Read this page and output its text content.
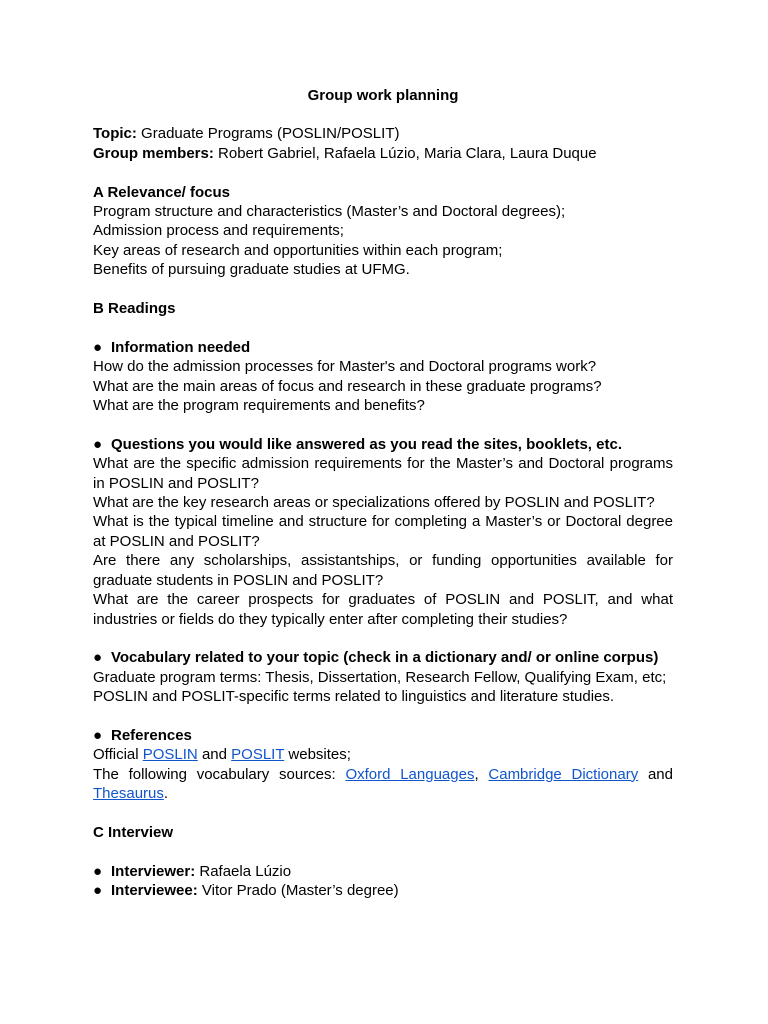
Group work planning

Topic: Graduate Programs (POSLIN/POSLIT)

Group members: Robert Gabriel, Rafaela Lúzio, Maria Clara, Laura Duque

A Relevance/ focus

Program structure and characteristics (Master’s and Doctoral degrees);

Admission process and requirements;

Key areas of research and opportunities within each program;

Benefits of pursuing graduate studies at UFMG.

B Readings

● Information needed

How do the admission processes for Master's and Doctoral programs work?

What are the main areas of focus and research in these graduate programs?

What are the program requirements and benefits?

● Questions you would like answered as you read the sites, booklets, etc.

What are the specific admission requirements for the Master’s and Doctoral programs in POSLIN and POSLIT?

What are the key research areas or specializations offered by POSLIN and POSLIT?

What is the typical timeline and structure for completing a Master’s or Doctoral degree at POSLIN and POSLIT?

Are there any scholarships, assistantships, or funding opportunities available for graduate students in POSLIN and POSLIT?

What are the career prospects for graduates of POSLIN and POSLIT, and what industries or fields do they typically enter after completing their studies?

● Vocabulary related to your topic (check in a dictionary and/ or online corpus)

Graduate program terms: Thesis, Dissertation, Research Fellow, Qualifying Exam, etc;

POSLIN and POSLIT-specific terms related to linguistics and literature studies.

● References

Official POSLIN and POSLIT websites;

The following vocabulary sources: Oxford Languages, Cambridge Dictionary and Thesaurus.

C Interview

● Interviewer: Rafaela Lúzio
● Interviewee: Vitor Prado (Master’s degree)
